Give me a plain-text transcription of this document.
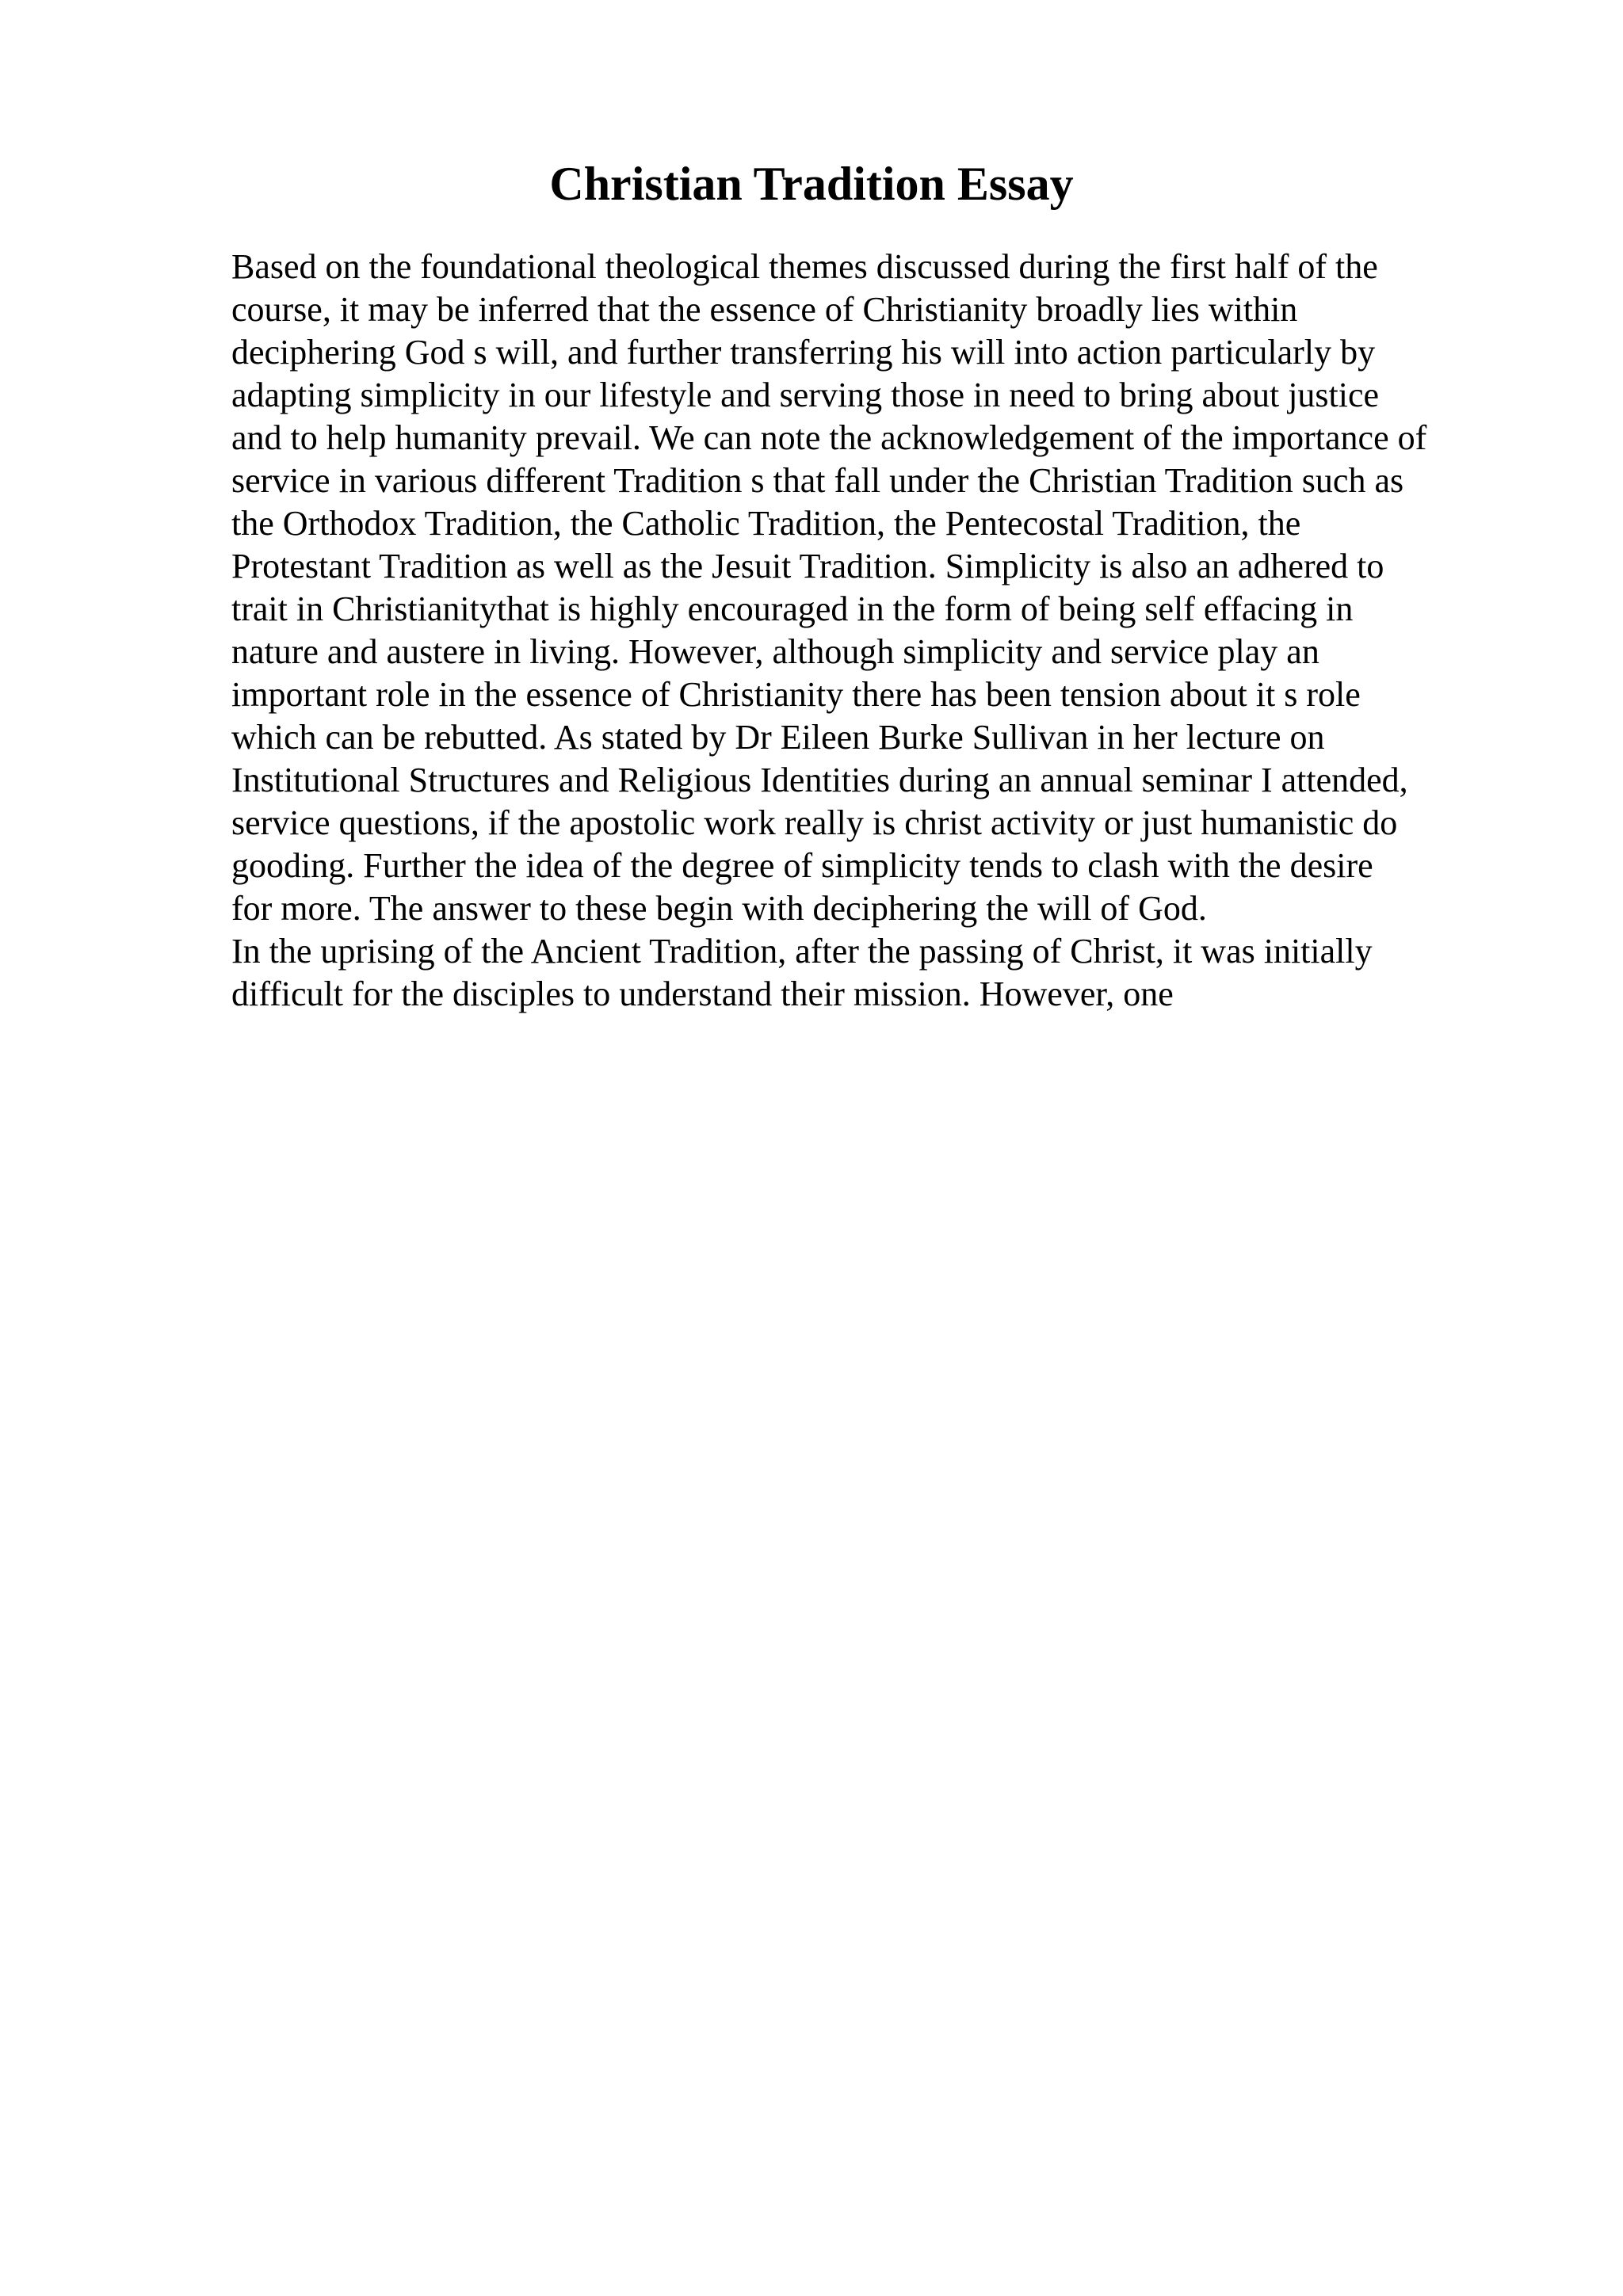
Christian Tradition Essay
Based on the foundational theological themes discussed during the first half of the
course, it may be inferred that the essence of Christianity broadly lies within
deciphering God s will, and further transferring his will into action particularly by
adapting simplicity in our lifestyle and serving those in need to bring about justice
and to help humanity prevail. We can note the acknowledgement of the importance of
service in various different Tradition s that fall under the Christian Tradition such as
the Orthodox Tradition, the Catholic Tradition, the Pentecostal Tradition, the
Protestant Tradition as well as the Jesuit Tradition. Simplicity is also an adhered to
trait in Christianitythat is highly encouraged in the form of being self effacing in
nature and austere in living. However, although simplicity and service play an
important role in the essence of Christianity there has been tension about it s role
which can be rebutted. As stated by Dr Eileen Burke Sullivan in her lecture on
Institutional Structures and Religious Identities during an annual seminar I attended,
service questions, if the apostolic work really is christ activity or just humanistic do
gooding. Further the idea of the degree of simplicity tends to clash with the desire
for more. The answer to these begin with deciphering the will of God.
In the uprising of the Ancient Tradition, after the passing of Christ, it was initially
difficult for the disciples to understand their mission. However, one
